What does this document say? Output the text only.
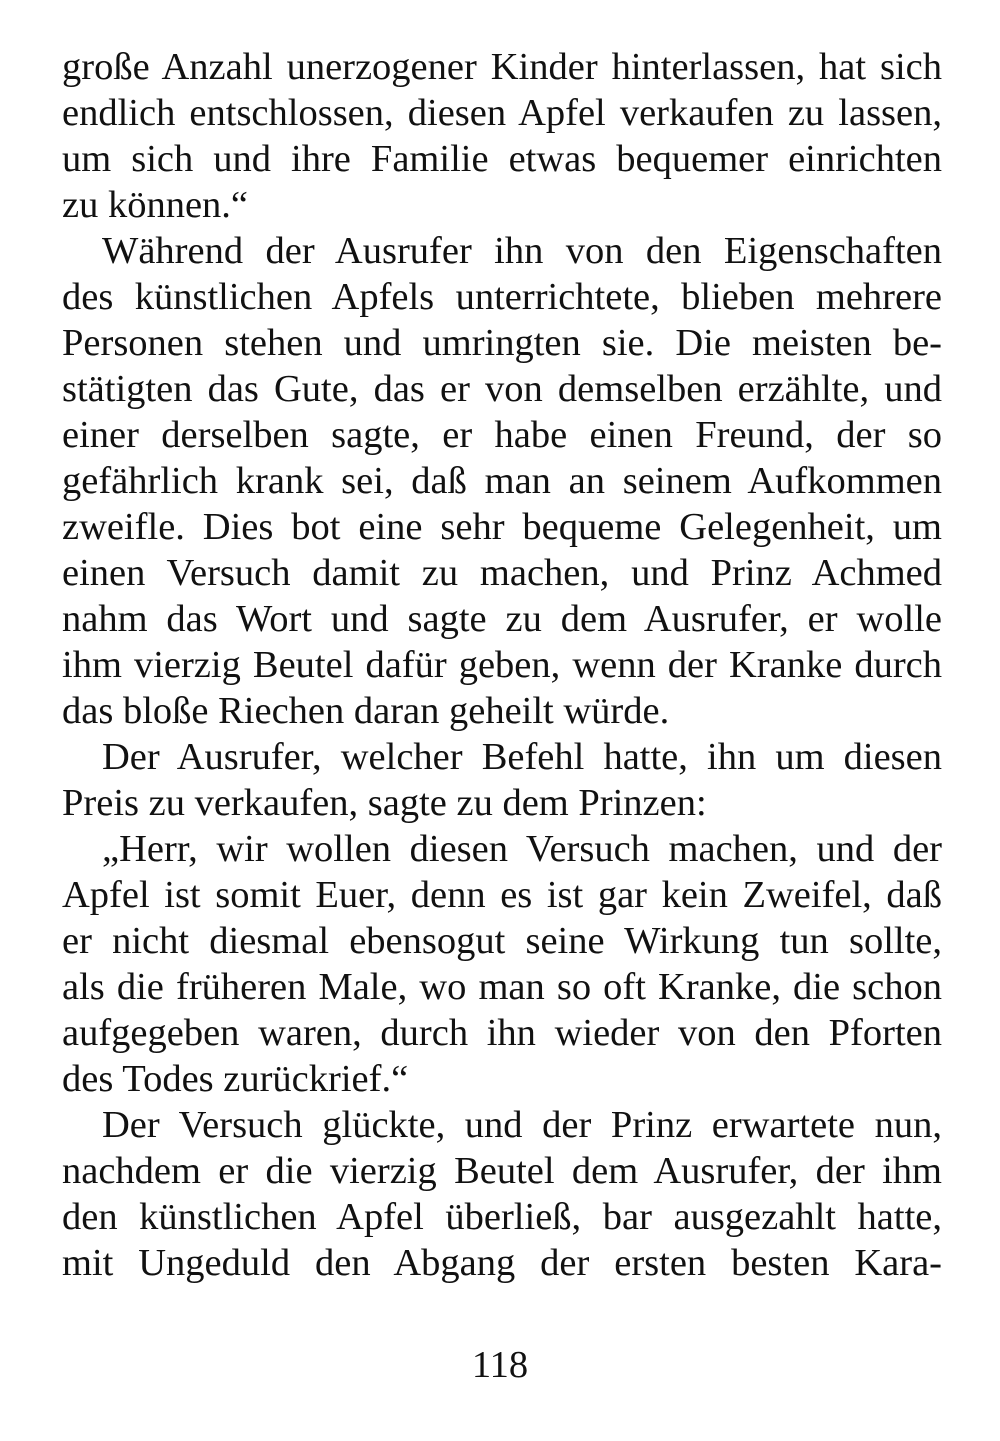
große Anzahl unerzogener Kinder hinterlassen, hat sich
endlich entschlossen, diesen Apfel verkaufen zu lassen,
um sich und ihre Familie etwas bequemer einrichten
zu können.“
Während der Ausrufer ihn von den Eigenschaften
des künstlichen Apfels unterrichtete, blieben mehrere
Personen stehen und umringten sie. Die meisten be-
stätigten das Gute, das er von demselben erzählte, und
einer derselben sagte, er habe einen Freund, der so
gefährlich krank sei, daß man an seinem Aufkommen
zweifle. Dies bot eine sehr bequeme Gelegenheit, um
einen Versuch damit zu machen, und Prinz Achmed
nahm das Wort und sagte zu dem Ausrufer, er wolle
ihm vierzig Beutel dafür geben, wenn der Kranke durch
das bloße Riechen daran geheilt würde.
Der Ausrufer, welcher Befehl hatte, ihn um diesen
Preis zu verkaufen, sagte zu dem Prinzen:
„Herr, wir wollen diesen Versuch machen, und der
Apfel ist somit Euer, denn es ist gar kein Zweifel, daß
er nicht diesmal ebensogut seine Wirkung tun sollte,
als die früheren Male, wo man so oft Kranke, die schon
aufgegeben waren, durch ihn wieder von den Pforten
des Todes zurückrief.“
Der Versuch glückte, und der Prinz erwartete nun,
nachdem er die vierzig Beutel dem Ausrufer, der ihm
den künstlichen Apfel überließ, bar ausgezahlt hatte,
mit Ungeduld den Abgang der ersten besten Kara-
118
